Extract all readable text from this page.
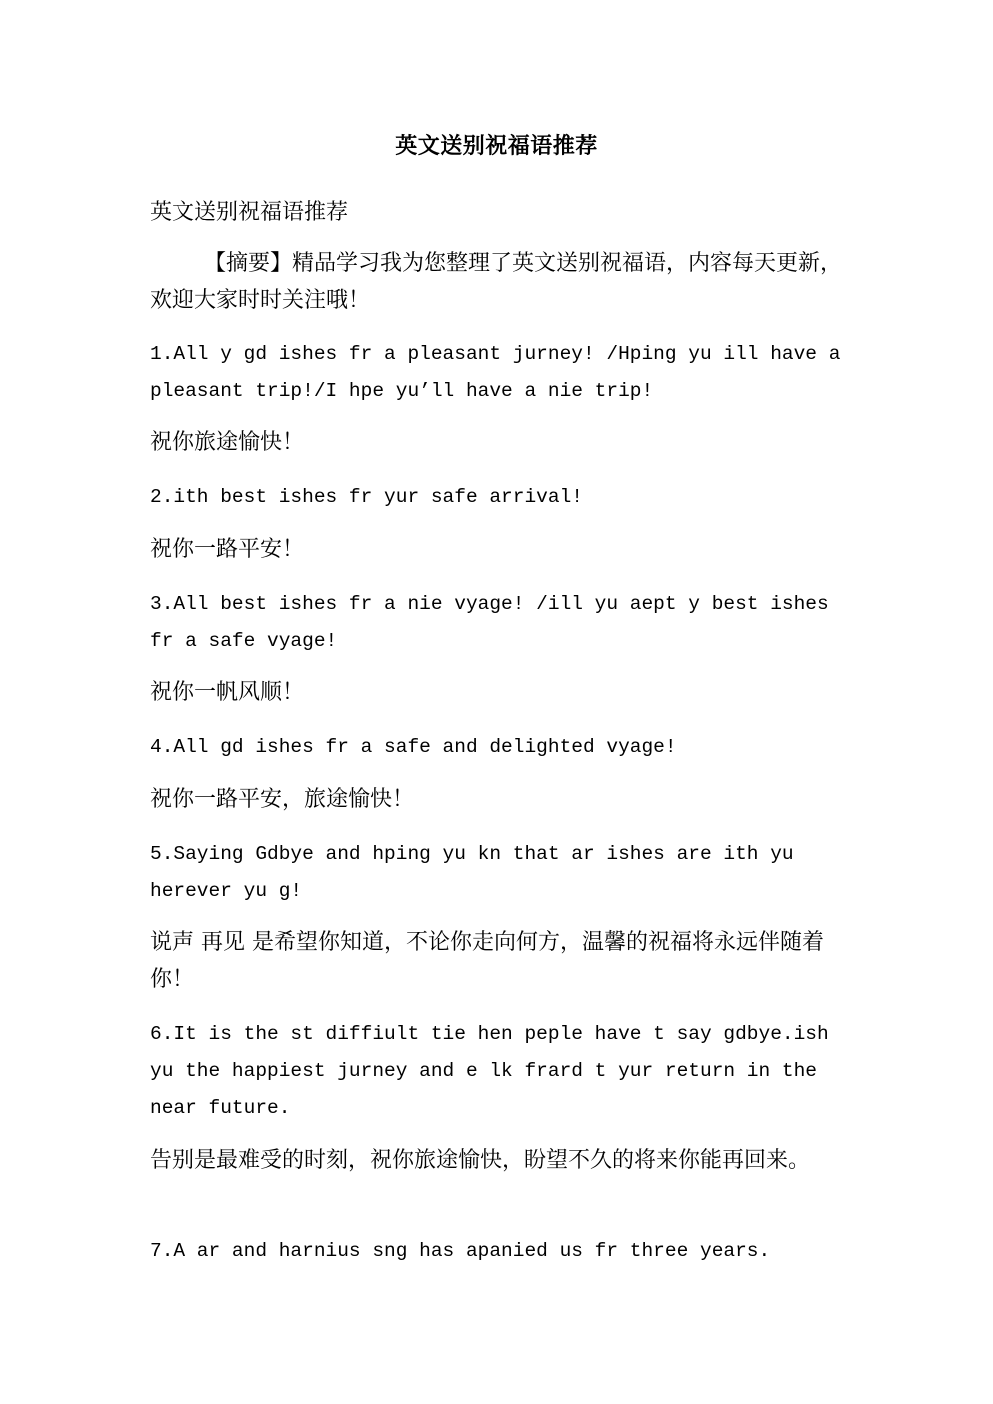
英文送别祝福语推荐
英文送别祝福语推荐
【摘要】精品学习我为您整理了英文送别祝福语，内容每天更新，欢迎大家时时关注哦！
1.All y gd ishes fr a pleasant jurney! /Hping yu ill have a pleasant trip!/I hpe yu’ll have a nie trip!
祝你旅途愉快！
2.ith best ishes fr yur safe arrival!
祝你一路平安！
3.All best ishes fr a nie vyage! /ill yu aept y best ishes fr a safe vyage!
祝你一帆风顺！
4.All gd ishes fr a safe and delighted vyage!
祝你一路平安，旅途愉快！
5.Saying Gdbye and hping yu kn that ar ishes are ith yu herever yu g!
说声 再见 是希望你知道，不论你走向何方，温馨的祝福将永远伴随着你！
6.It is the st diffiult tie hen peple have t say gdbye.ish yu the happiest jurney and e lk frard t yur return in the near future.
告别是最难受的时刻，祝你旅途愉快，盼望不久的将来你能再回来。
7.A ar and harnius sng has apanied us fr three years.
